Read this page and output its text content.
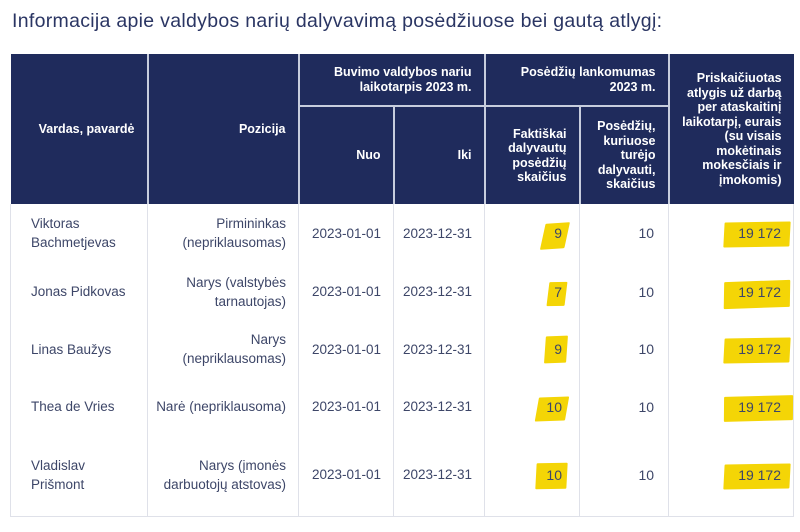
Informacija apie valdybos narių dalyvavimą posėdžiuose bei gautą atlygį:
Vardas, pavardė	Pozicija	Buvimo valdybos nariu laikotarpis 2023 m.		Posėdžių lankomumas 2023 m.		Priskaičiuotas atlygis už darbą per ataskaitinį laikotarpį, eurais (su visais mokėtinais mokesčiais ir įmokomis)
		Nuo	Iki	Faktiškai dalyvautų posėdžių skaičius	Posėdžių, kuriuose turėjo dalyvauti, skaičius	
Viktoras Bachmetjevas	Pirmininkas (nepriklausomas)	2023-01-01	2023-12-31	9	10	19 172
Jonas Pidkovas	Narys (valstybės tarnautojas)	2023-01-01	2023-12-31	7	10	19 172
Linas Baužys	Narys (nepriklausomas)	2023-01-01	2023-12-31	9	10	19 172
Thea de Vries	Narė (nepriklausoma)	2023-01-01	2023-12-31	10	10	19 172
Vladislav Prišmont	Narys (įmonės darbuotojų atstovas)	2023-01-01	2023-12-31	10	10	19 172
